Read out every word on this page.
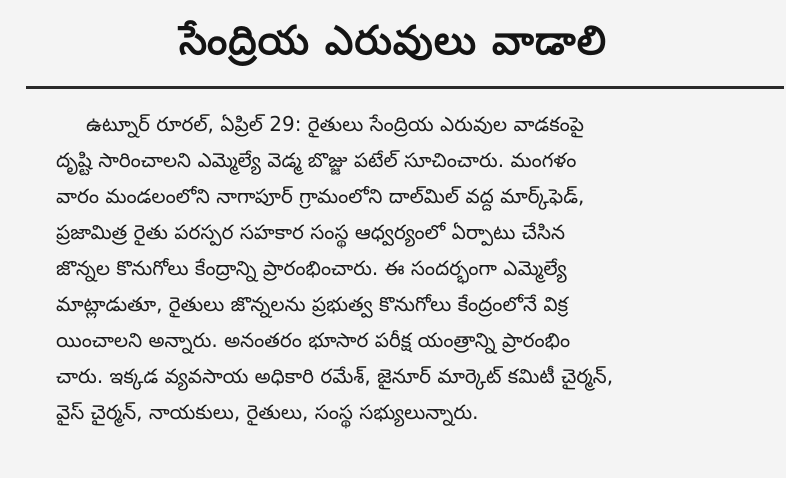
సేంద్రియ ఎరువులు వాడాలి
ఉట్నూర్ రూరల్, ఏప్రిల్ 29: రైతులు సేంద్రియ ఎరువుల వాడకంపై
దృష్టి సారించాలని ఎమ్మెల్యే వెడ్మ బొజ్జు పటేల్ సూచించారు. మంగళం
వారం మండలంలోని నాగాపూర్ గ్రామంలోని దాల్‌మిల్ వద్ద మార్క్‌ఫెడ్,
ప్రజామిత్ర రైతు పరస్పర సహకార సంస్థ ఆధ్వర్యంలో ఏర్పాటు చేసిన
జొన్నల కొనుగోలు కేంద్రాన్ని ప్రారంభించారు. ఈ సందర్భంగా ఎమ్మెల్యే
మాట్లాడుతూ, రైతులు జొన్నలను ప్రభుత్వ కొనుగోలు కేంద్రంలోనే విక్ర
యించాలని అన్నారు. అనంతరం భూసార పరీక్ష యంత్రాన్ని ప్రారంభిం
చారు. ఇక్కడ వ్యవసాయ అధికారి రమేశ్, జైనూర్ మార్కెట్ కమిటీ చైర్మన్,
వైస్ చైర్మన్, నాయకులు, రైతులు, సంస్థ సభ్యులున్నారు.
